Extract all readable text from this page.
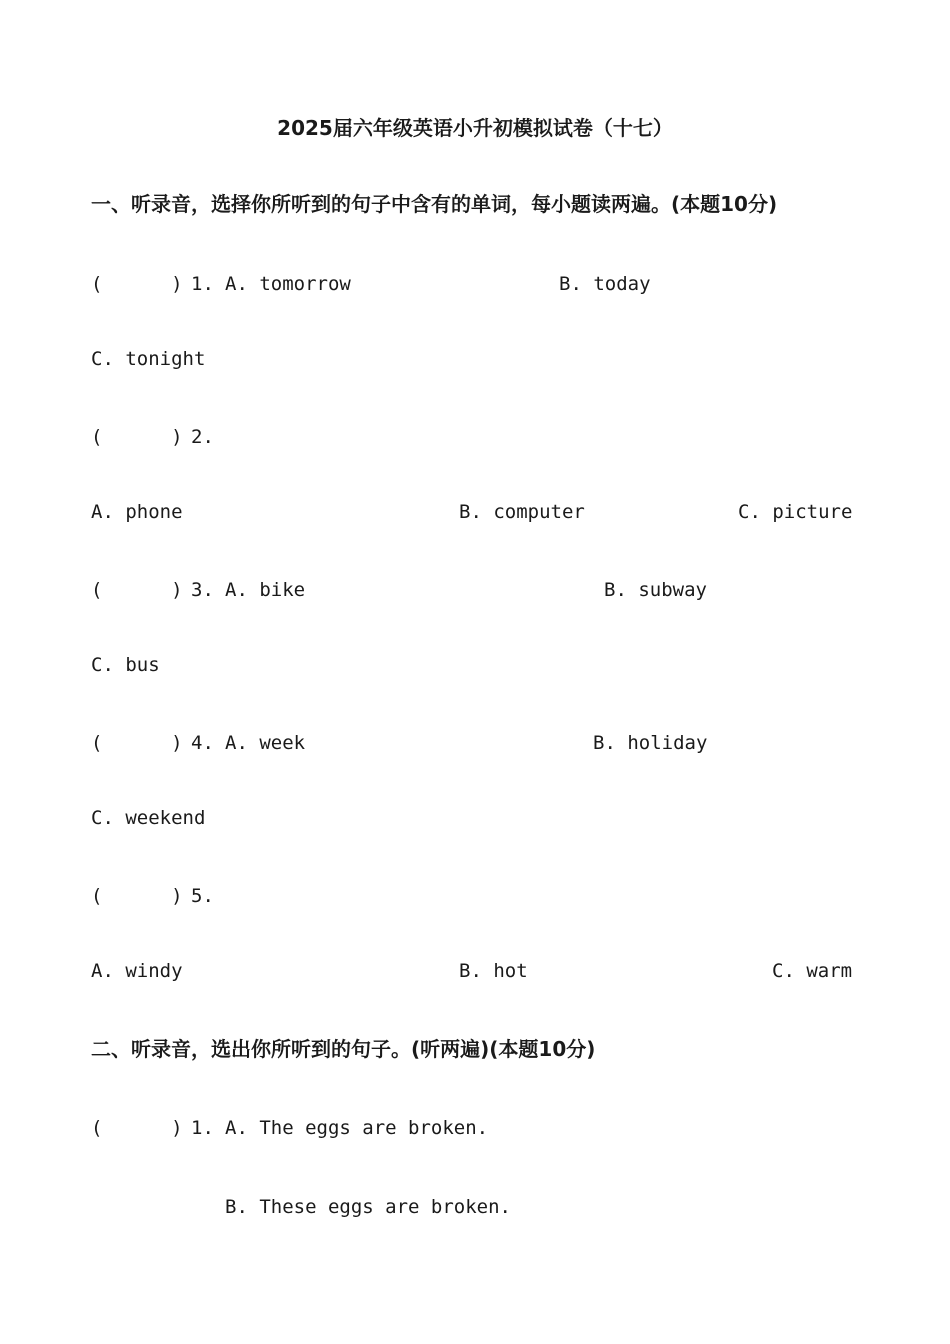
2025届六年级英语小升初模拟试卷（十七）
一、听录音，选择你所听到的句子中含有的单词，每小题读两遍。(本题10分)
(      ) 1. A. tomorrow	B. today
C. tonight
(      ) 2.
A. phone	B. computer	C. picture
(      ) 3. A. bike	B. subway
C. bus
(      ) 4. A. week	B. holiday
C. weekend
(      ) 5.
A. windy	B. hot	C. warm
二、听录音，选出你所听到的句子。(听两遍)(本题10分)
(      ) 1. A. The eggs are broken.
B. These eggs are broken.
